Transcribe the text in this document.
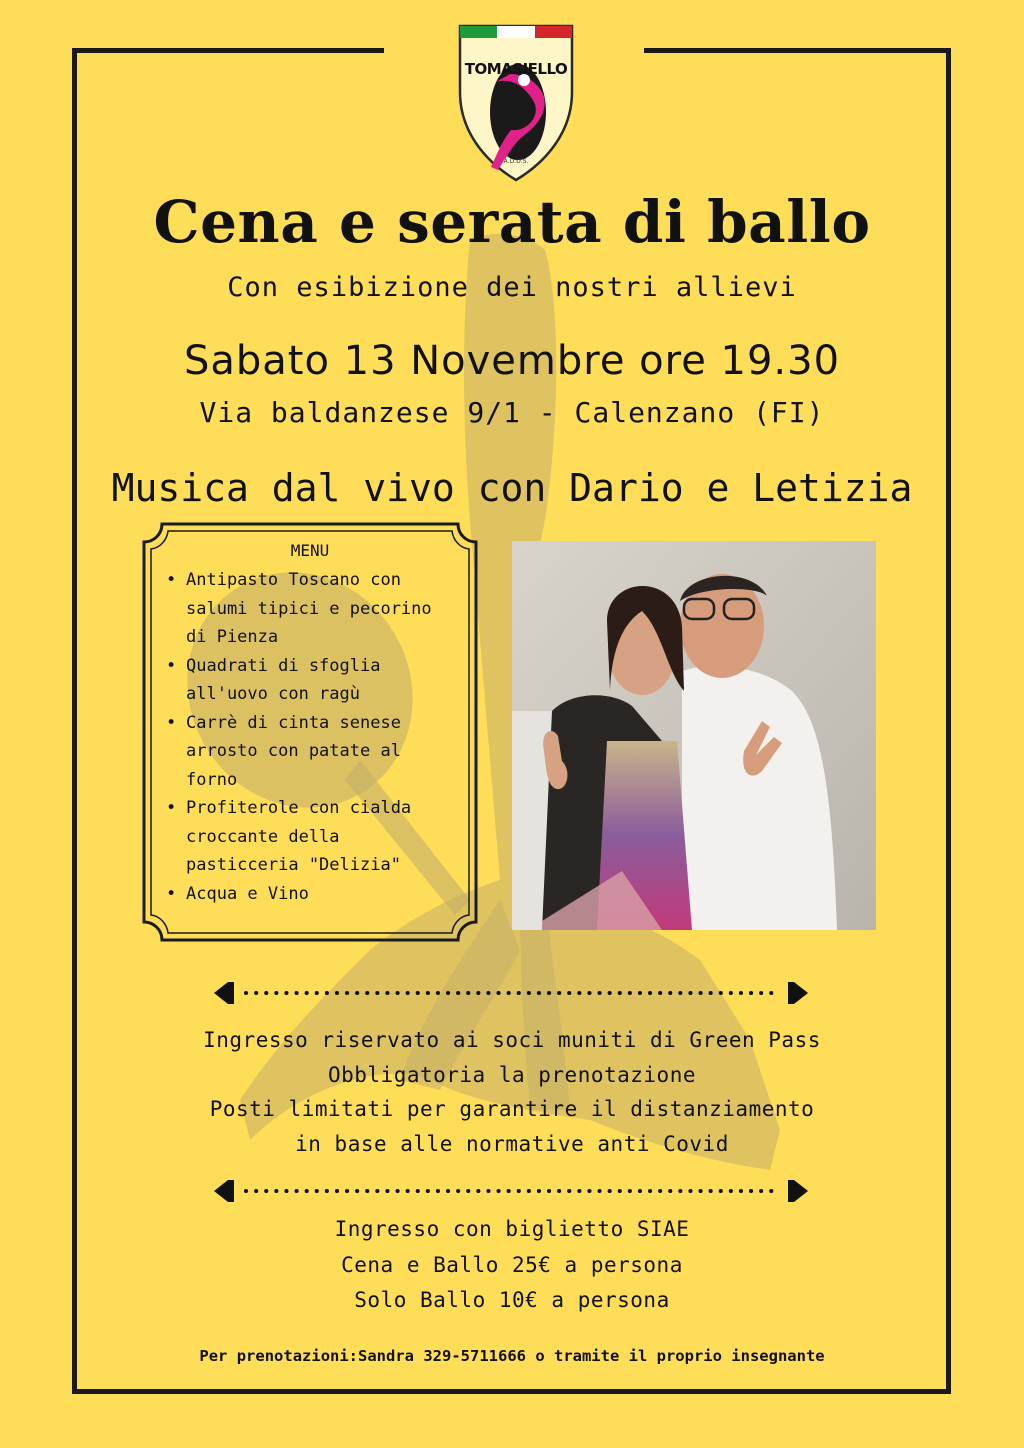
TOMASIELLO
A.D.D.S.
Cena e serata di ballo
Con esibizione dei nostri allievi
Sabato 13 Novembre ore 19.30
Via baldanzese 9/1 - Calenzano (FI)
Musica dal vivo con Dario e Letizia
MENU
• Antipasto Toscano con salumi tipici e pecorino di Pienza
• Quadrati di sfoglia all'uovo con ragù
• Carrè di cinta senese arrosto con patate al forno
• Profiterole con cialda croccante della pasticceria "Delizia"
• Acqua e Vino
Ingresso riservato ai soci muniti di Green Pass
Obbligatoria la prenotazione
Posti limitati per garantire il distanziamento
in base alle normative anti Covid
Ingresso con biglietto SIAE
Cena e Ballo 25€ a persona
Solo Ballo 10€ a persona
Per prenotazioni:Sandra 329-5711666 o tramite il proprio insegnante
